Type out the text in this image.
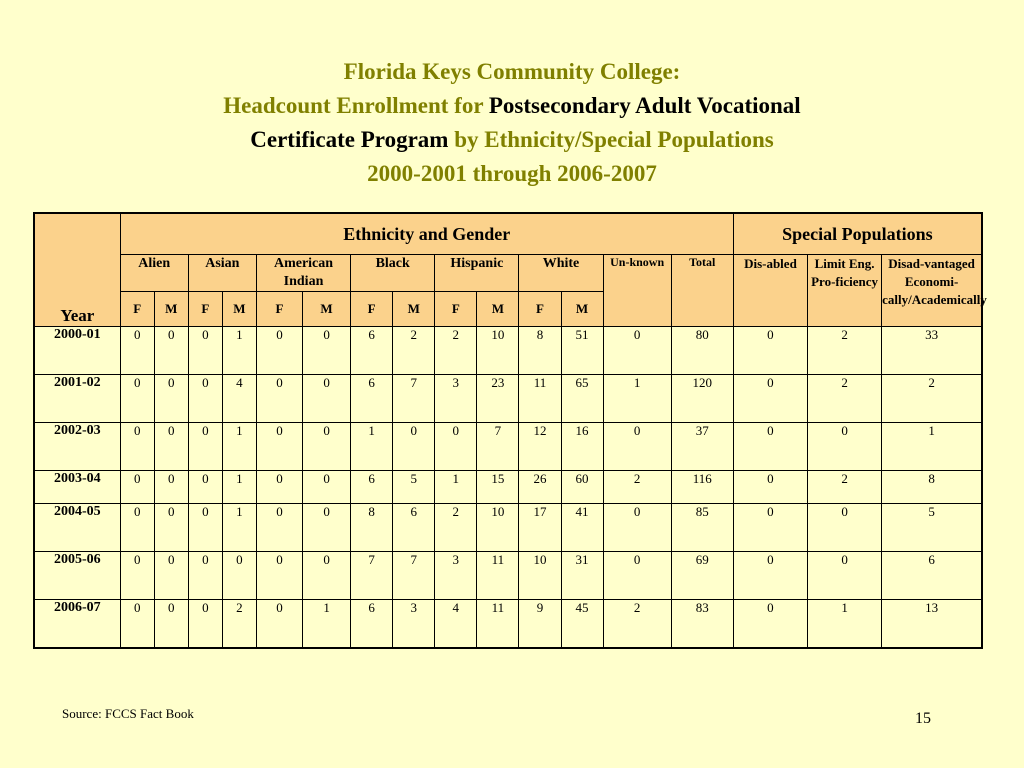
Florida Keys Community College:
Headcount Enrollment for Postsecondary Adult Vocational
Certificate Program by Ethnicity/Special Populations
2000-2001 through 2006-2007
Year	Ethnicity and Gender														Special Populations		
	Alien		Asian		American Indian		Black		Hispanic		White		Un-known	Total	Dis-abled	Limit Eng. Pro-ficiency	Disad-vantaged Economi-cally/Academically
	F	M	F	M	F	M	F	M	F	M	F	M					
2000-01	0	0	0	1	0	0	6	2	2	10	8	51	0	80	0	2	33
2001-02	0	0	0	4	0	0	6	7	3	23	11	65	1	120	0	2	2
2002-03	0	0	0	1	0	0	1	0	0	7	12	16	0	37	0	0	1
2003-04	0	0	0	1	0	0	6	5	1	15	26	60	2	116	0	2	8
2004-05	0	0	0	1	0	0	8	6	2	10	17	41	0	85	0	0	5
2005-06	0	0	0	0	0	0	7	7	3	11	10	31	0	69	0	0	6
2006-07	0	0	0	2	0	1	6	3	4	11	9	45	2	83	0	1	13
Source: FCCS Fact Book	15
